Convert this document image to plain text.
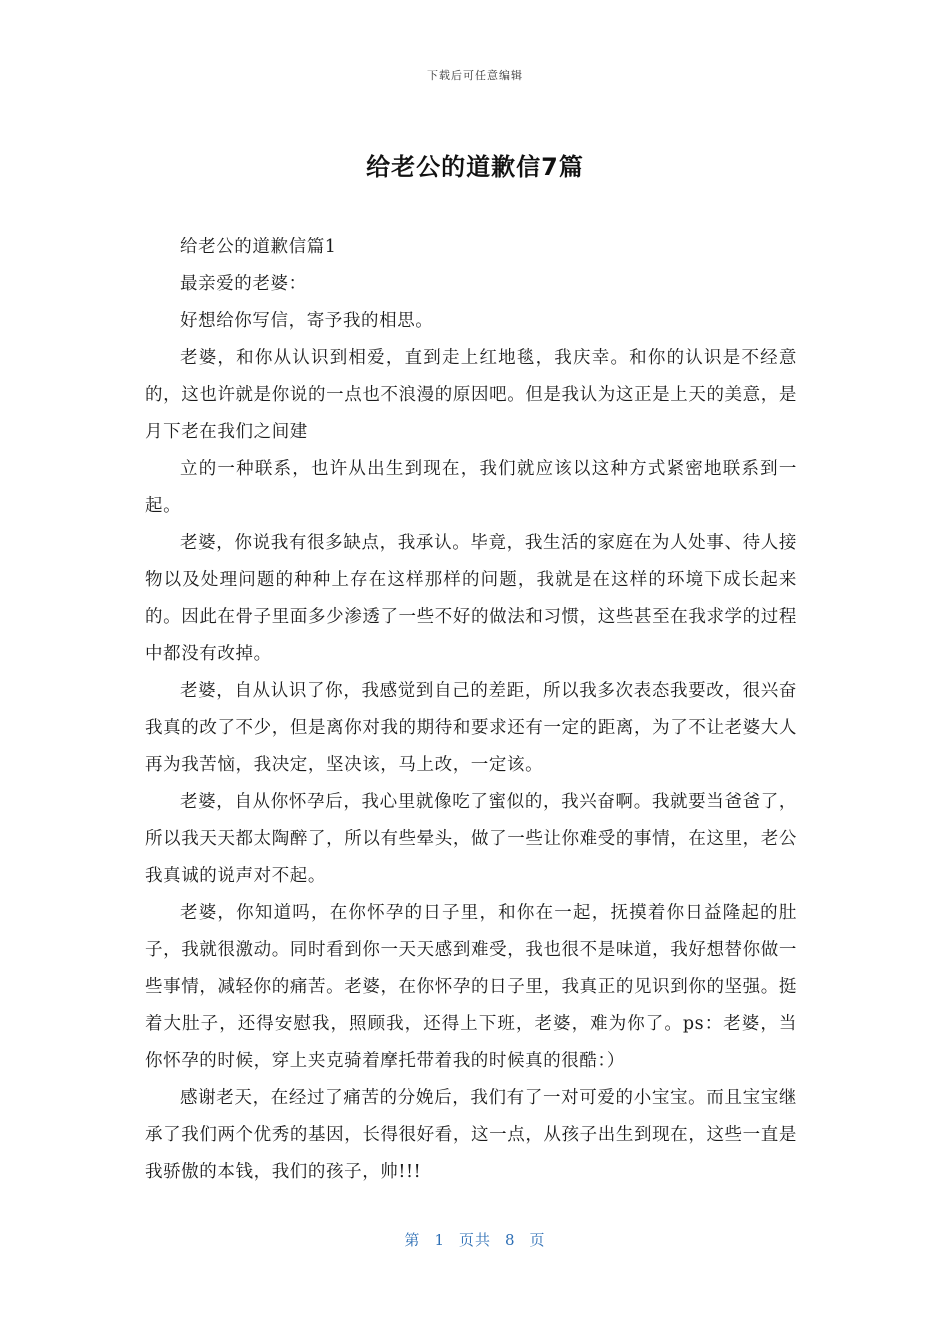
下载后可任意编辑
给老公的道歉信7篇

给老公的道歉信篇1

最亲爱的老婆：

好想给你写信，寄予我的相思。

老婆，和你从认识到相爱，直到走上红地毯，我庆幸。和你的认识是不经意的，这也许就是你说的一点也不浪漫的原因吧。但是我认为这正是上天的美意，是月下老在我们之间建

立的一种联系，也许从出生到现在，我们就应该以这种方式紧密地联系到一起。

老婆，你说我有很多缺点，我承认。毕竟，我生活的家庭在为人处事、待人接物以及处理问题的种种上存在这样那样的问题，我就是在这样的环境下成长起来的。因此在骨子里面多少渗透了一些不好的做法和习惯，这些甚至在我求学的过程中都没有改掉。

老婆，自从认识了你，我感觉到自己的差距，所以我多次表态我要改，很兴奋我真的改了不少，但是离你对我的期待和要求还有一定的距离，为了不让老婆大人再为我苦恼，我决定，坚决该，马上改，一定该。

老婆，自从你怀孕后，我心里就像吃了蜜似的，我兴奋啊。我就要当爸爸了，所以我天天都太陶醉了，所以有些晕头，做了一些让你难受的事情，在这里，老公我真诚的说声对不起。

老婆，你知道吗，在你怀孕的日子里，和你在一起，抚摸着你日益隆起的肚子，我就很激动。同时看到你一天天感到难受，我也很不是味道，我好想替你做一些事情，减轻你的痛苦。老婆，在你怀孕的日子里，我真正的见识到你的坚强。挺着大肚子，还得安慰我，照顾我，还得上下班，老婆，难为你了。ps：老婆，当你怀孕的时候，穿上夹克骑着摩托带着我的时候真的很酷：）

感谢老天，在经过了痛苦的分娩后，我们有了一对可爱的小宝宝。而且宝宝继承了我们两个优秀的基因，长得很好看，这一点，从孩子出生到现在，这些一直是我骄傲的本钱，我们的孩子，帅!!!

第 1 页共 8 页
